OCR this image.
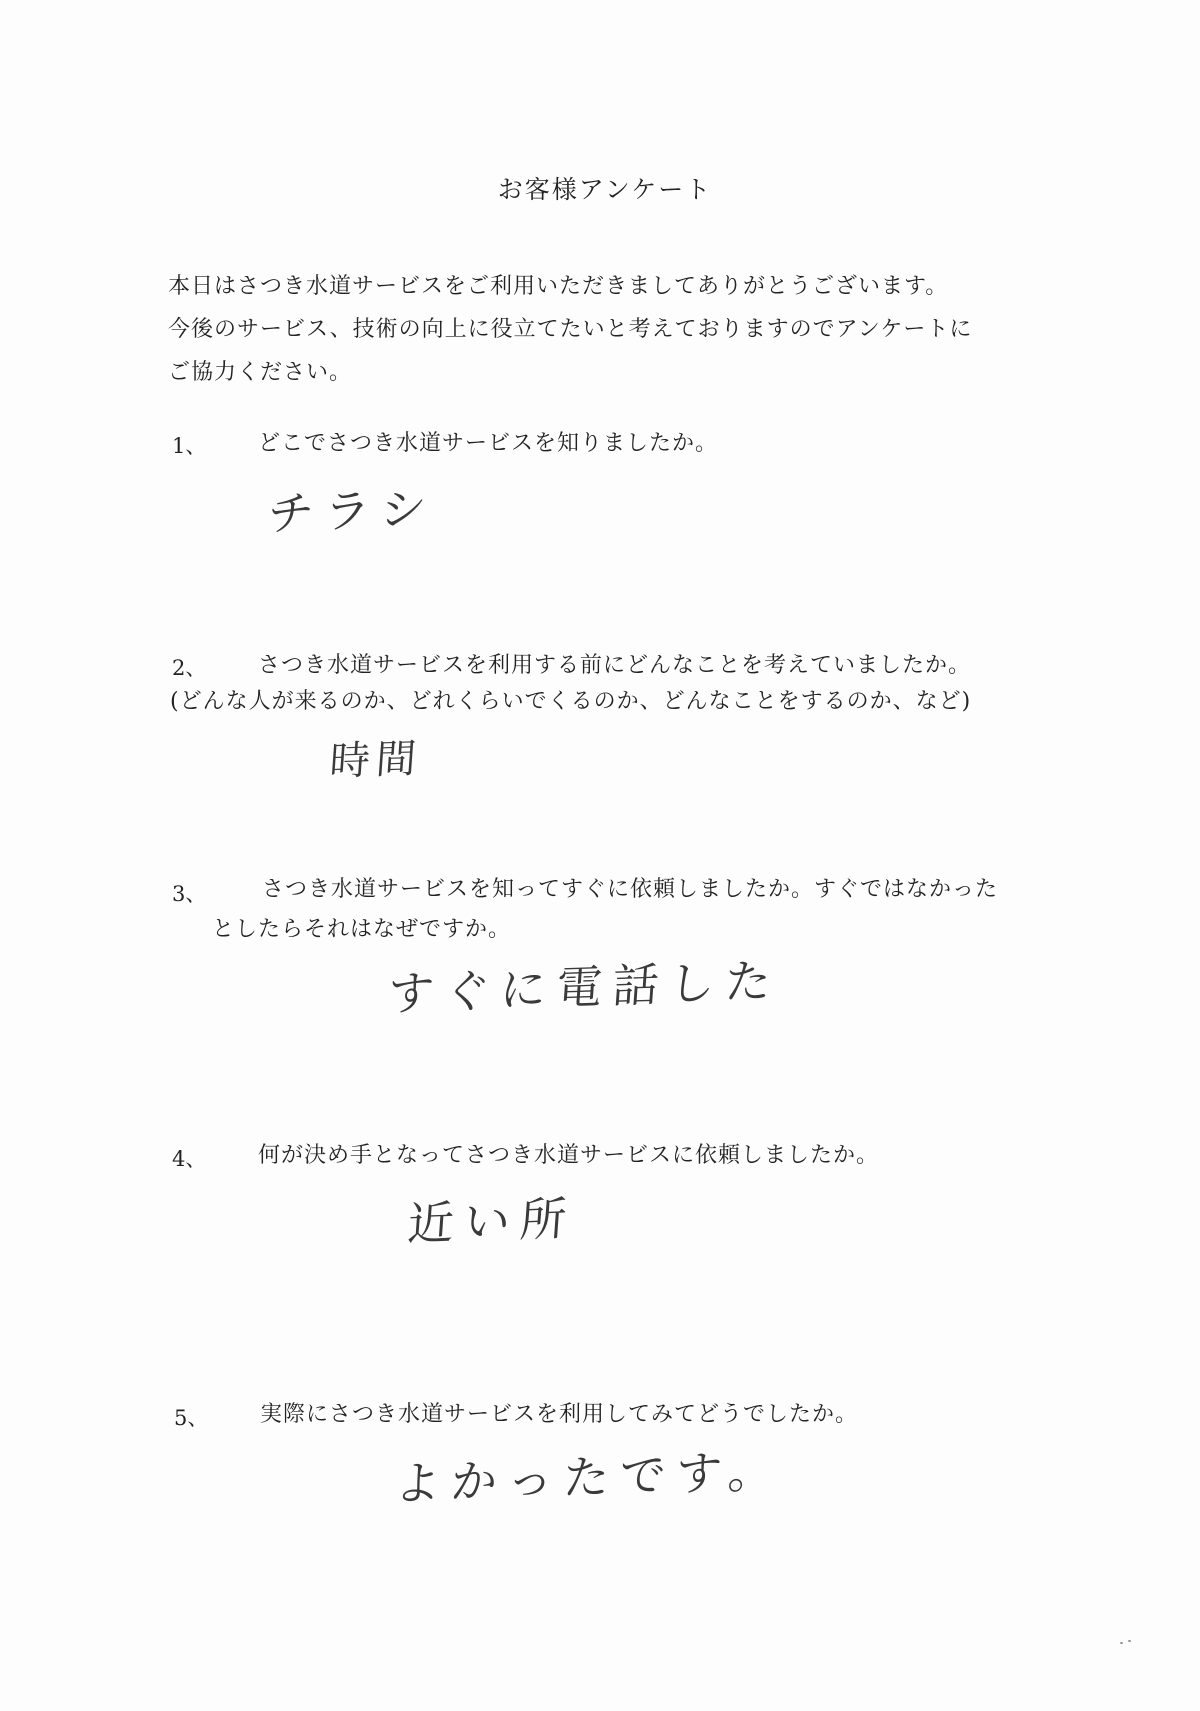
お客様アンケート
本日はさつき水道サービスをご利用いただきましてありがとうございます。
今後のサービス、技術の向上に役立てたいと考えておりますのでアンケートに
ご協力ください。
1、 どこでさつき水道サービスを知りましたか。
チラシ
2、 さつき水道サービスを利用する前にどんなことを考えていましたか。
(どんな人が来るのか、どれくらいでくるのか、どんなことをするのか、など)
時間
3、	さつき水道サービスを知ってすぐに依頼しましたか。すぐではなかった
としたらそれはなぜですか。
すぐに電話した
4、 何が決め手となってさつき水道サービスに依頼しましたか。
近い所
5、 実際にさつき水道サービスを利用してみてどうでしたか。
よかったです。
